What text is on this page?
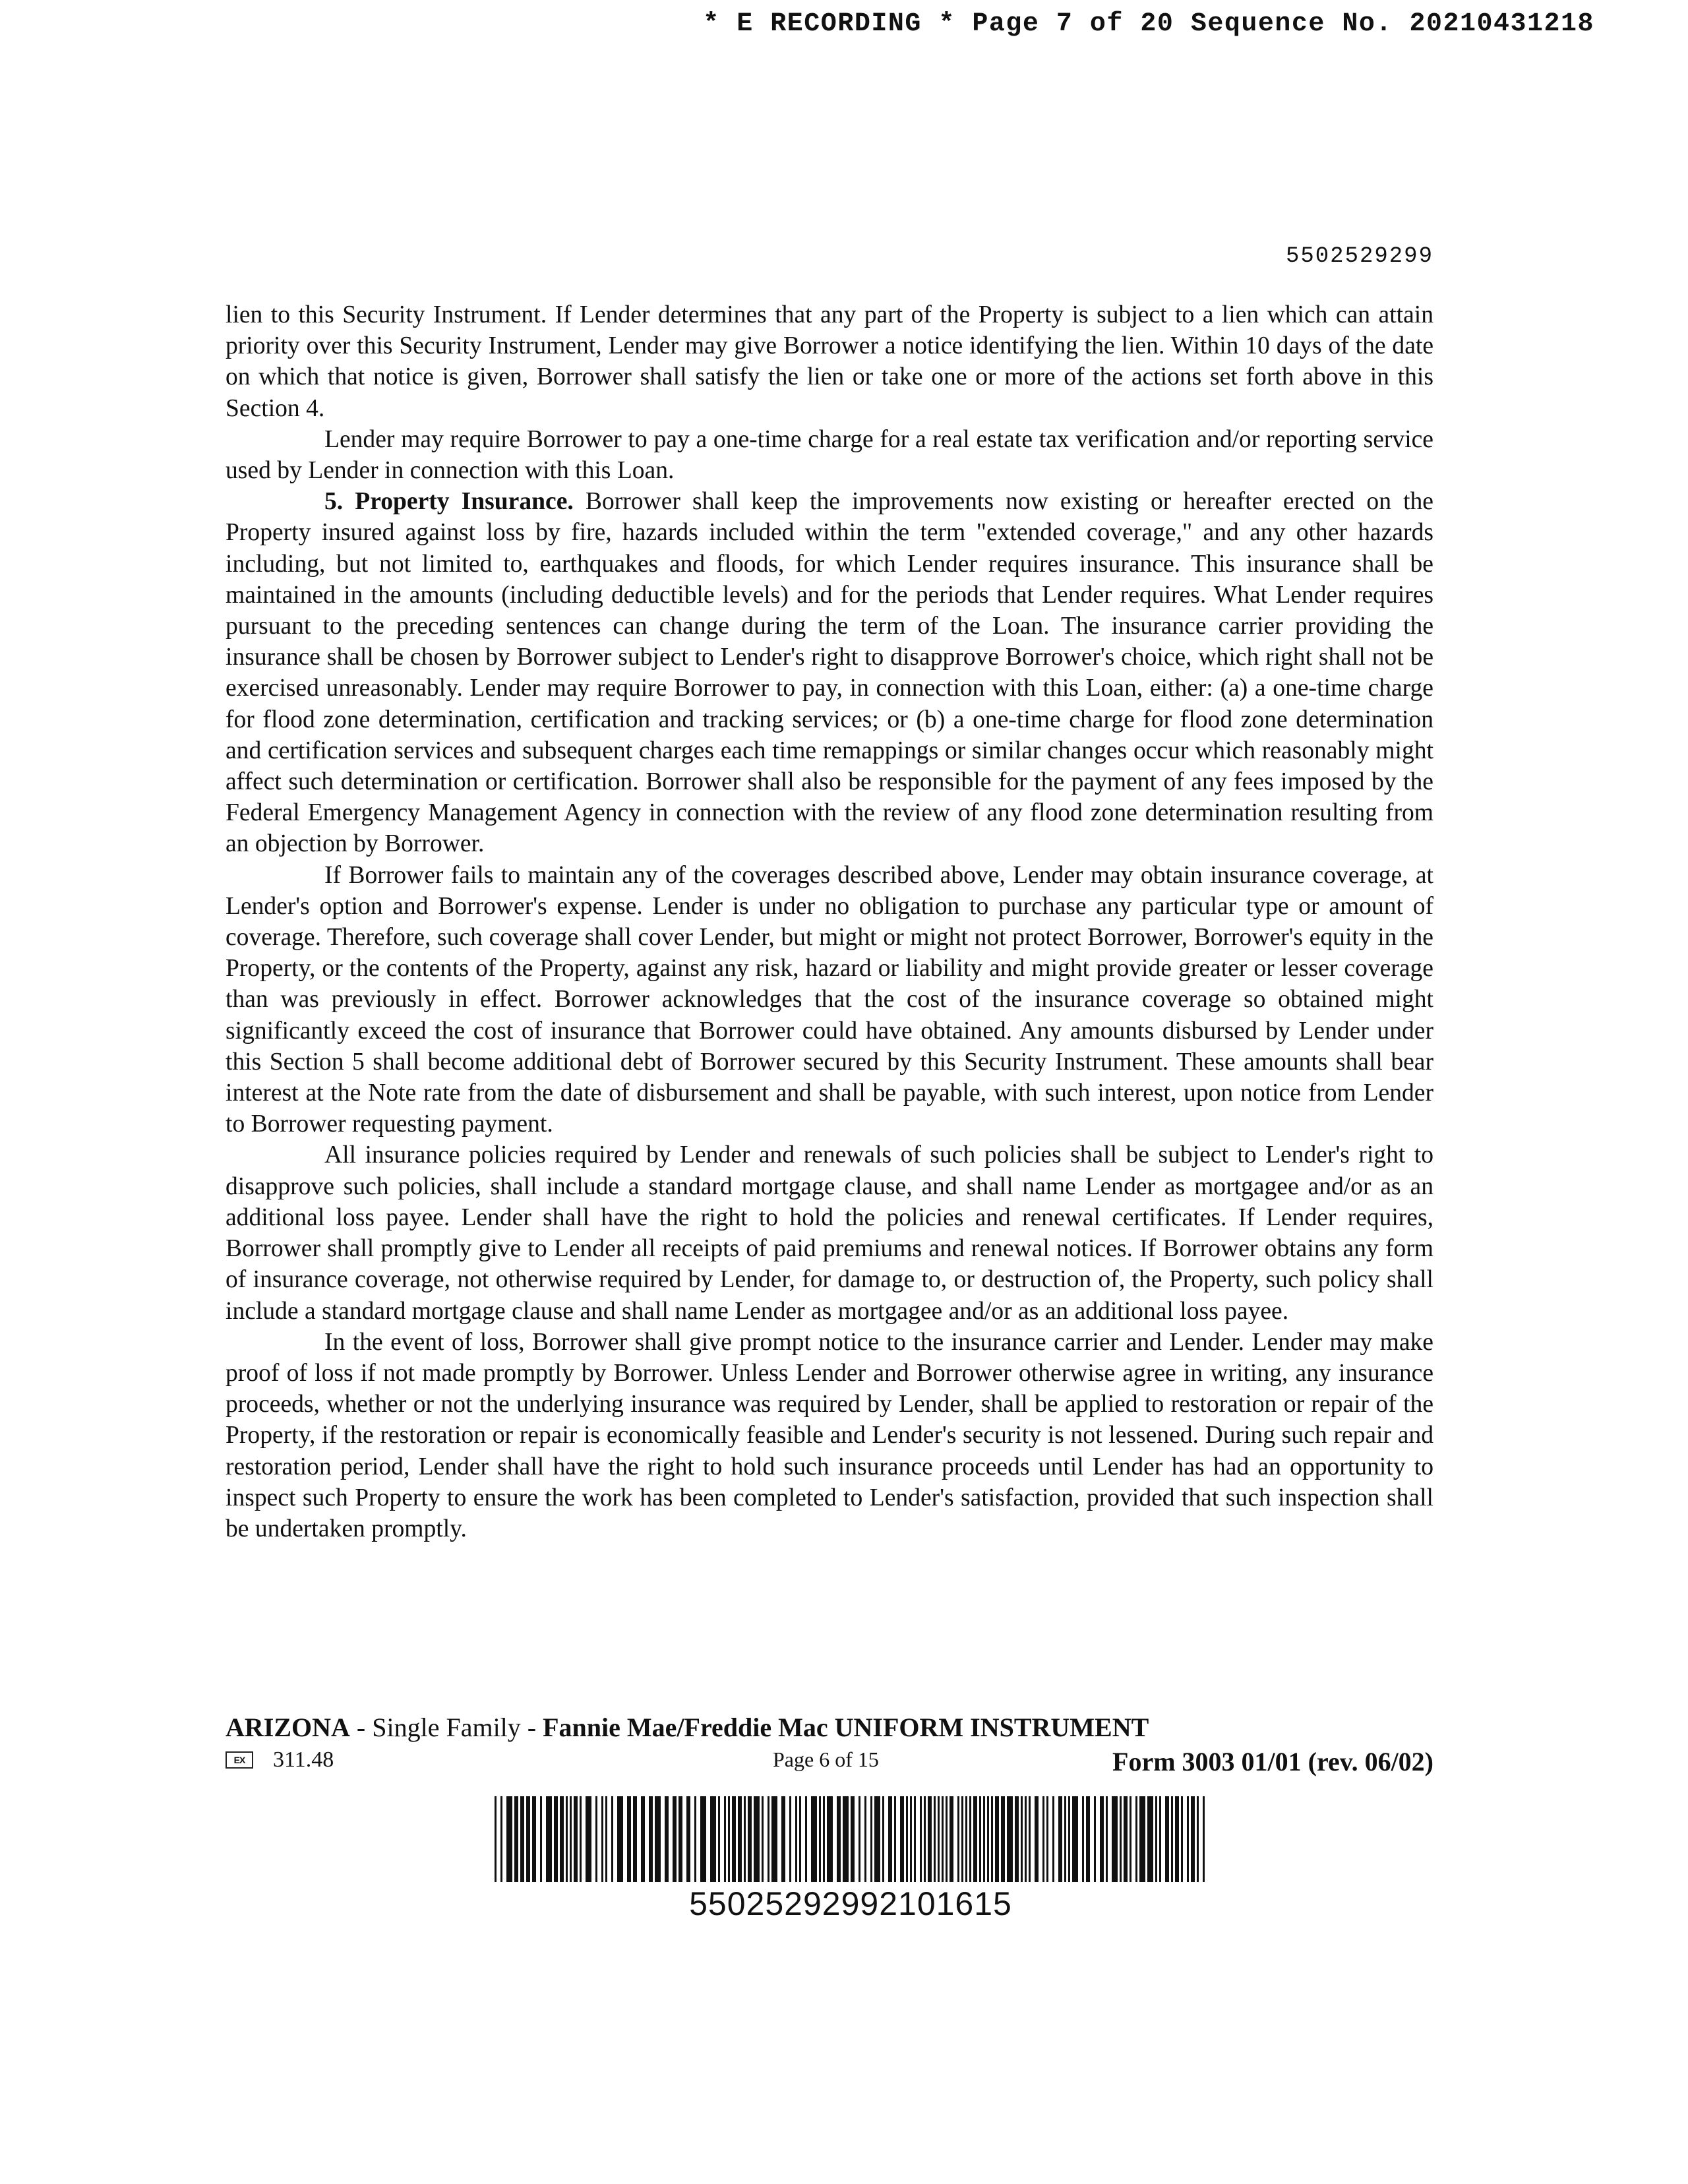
* E RECORDING * Page 7 of 20 Sequence No. 20210431218
5502529299

lien to this Security Instrument. If Lender determines that any part of the Property is subject to a lien which can attain priority over this Security Instrument, Lender may give Borrower a notice identifying the lien. Within 10 days of the date on which that notice is given, Borrower shall satisfy the lien or take one or more of the actions set forth above in this Section 4.

Lender may require Borrower to pay a one-time charge for a real estate tax verification and/or reporting service used by Lender in connection with this Loan.

5. Property Insurance. Borrower shall keep the improvements now existing or hereafter erected on the Property insured against loss by fire, hazards included within the term "extended coverage," and any other hazards including, but not limited to, earthquakes and floods, for which Lender requires insurance. This insurance shall be maintained in the amounts (including deductible levels) and for the periods that Lender requires. What Lender requires pursuant to the preceding sentences can change during the term of the Loan. The insurance carrier providing the insurance shall be chosen by Borrower subject to Lender's right to disapprove Borrower's choice, which right shall not be exercised unreasonably. Lender may require Borrower to pay, in connection with this Loan, either: (a) a one-time charge for flood zone determination, certification and tracking services; or (b) a one-time charge for flood zone determination and certification services and subsequent charges each time remappings or similar changes occur which reasonably might affect such determination or certification. Borrower shall also be responsible for the payment of any fees imposed by the Federal Emergency Management Agency in connection with the review of any flood zone determination resulting from an objection by Borrower.

If Borrower fails to maintain any of the coverages described above, Lender may obtain insurance coverage, at Lender's option and Borrower's expense. Lender is under no obligation to purchase any particular type or amount of coverage. Therefore, such coverage shall cover Lender, but might or might not protect Borrower, Borrower's equity in the Property, or the contents of the Property, against any risk, hazard or liability and might provide greater or lesser coverage than was previously in effect. Borrower acknowledges that the cost of the insurance coverage so obtained might significantly exceed the cost of insurance that Borrower could have obtained. Any amounts disbursed by Lender under this Section 5 shall become additional debt of Borrower secured by this Security Instrument. These amounts shall bear interest at the Note rate from the date of disbursement and shall be payable, with such interest, upon notice from Lender to Borrower requesting payment.

All insurance policies required by Lender and renewals of such policies shall be subject to Lender's right to disapprove such policies, shall include a standard mortgage clause, and shall name Lender as mortgagee and/or as an additional loss payee. Lender shall have the right to hold the policies and renewal certificates. If Lender requires, Borrower shall promptly give to Lender all receipts of paid premiums and renewal notices. If Borrower obtains any form of insurance coverage, not otherwise required by Lender, for damage to, or destruction of, the Property, such policy shall include a standard mortgage clause and shall name Lender as mortgagee and/or as an additional loss payee.

In the event of loss, Borrower shall give prompt notice to the insurance carrier and Lender. Lender may make proof of loss if not made promptly by Borrower. Unless Lender and Borrower otherwise agree in writing, any insurance proceeds, whether or not the underlying insurance was required by Lender, shall be applied to restoration or repair of the Property, if the restoration or repair is economically feasible and Lender's security is not lessened. During such repair and restoration period, Lender shall have the right to hold such insurance proceeds until Lender has had an opportunity to inspect such Property to ensure the work has been completed to Lender's satisfaction, provided that such inspection shall be undertaken promptly.

ARIZONA - Single Family - Fannie Mae/Freddie Mac UNIFORM INSTRUMENT
EX	311.48	Page 6 of 15	Form 3003 01/01 (rev. 06/02)
55025292992101615
